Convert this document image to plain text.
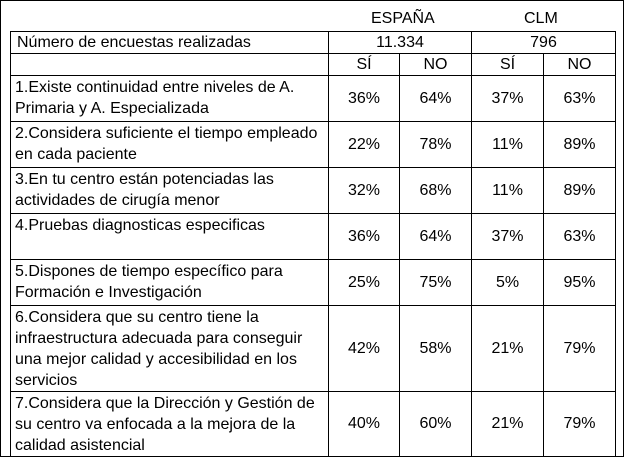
ESPAÑA	CLM
Número de encuestas realizadas	11.334		796	
	SÍ	NO	SÍ	NO
1.Existe continuidad entre niveles de A. Primaria y A. Especializada	36%	64%	37%	63%
2.Considera suficiente el tiempo empleado en cada paciente	22%	78%	11%	89%
3.En tu centro están potenciadas las actividades de cirugía menor	32%	68%	11%	89%
4.Pruebas diagnosticas especificas	36%	64%	37%	63%
5.Dispones de tiempo específico para Formación e Investigación	25%	75%	5%	95%
6.Considera que su centro tiene la infraestructura adecuada para conseguir una mejor calidad y accesibilidad en los servicios	42%	58%	21%	79%
7.Considera que la Dirección y Gestión de su centro va enfocada a la mejora de la calidad asistencial	40%	60%	21%	79%
